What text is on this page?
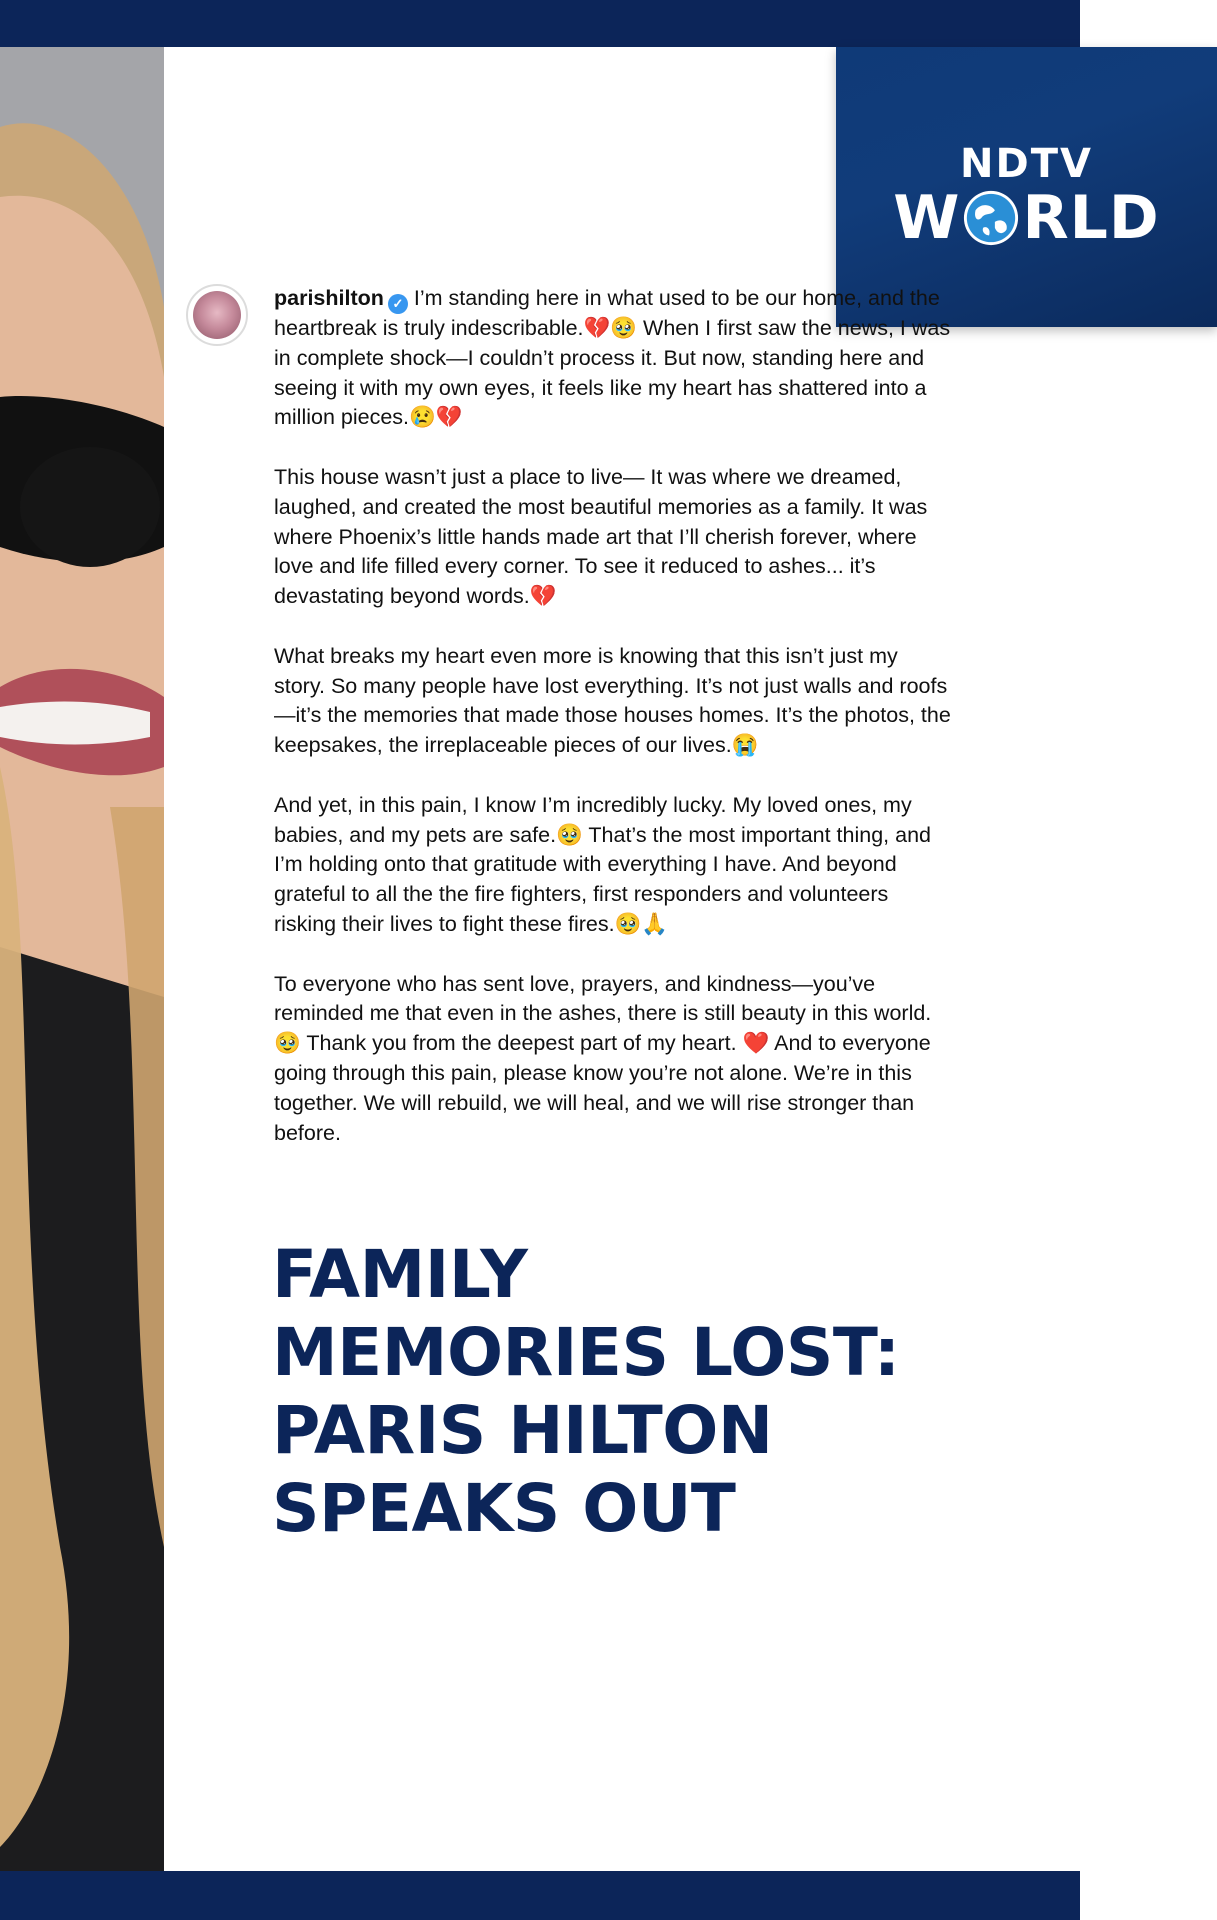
NDTV
W RLD

parishilton ✓ I’m standing here in what used to be our home, and the heartbreak is truly indescribable.💔🥹 When I first saw the news, I was in complete shock—I couldn’t process it. But now, standing here and seeing it with my own eyes, it feels like my heart has shattered into a million pieces.😢💔

This house wasn’t just a place to live— It was where we dreamed, laughed, and created the most beautiful memories as a family. It was where Phoenix’s little hands made art that I’ll cherish forever, where love and life filled every corner. To see it reduced to ashes... it’s devastating beyond words.💔

What breaks my heart even more is knowing that this isn’t just my story. So many people have lost everything. It’s not just walls and roofs—it’s the memories that made those houses homes. It’s the photos, the keepsakes, the irreplaceable pieces of our lives.😭

And yet, in this pain, I know I’m incredibly lucky. My loved ones, my babies, and my pets are safe.🥹 That’s the most important thing, and I’m holding onto that gratitude with everything I have. And beyond grateful to all the the fire fighters, first responders and volunteers risking their lives to fight these fires.🥹🙏

To everyone who has sent love, prayers, and kindness—you’ve reminded me that even in the ashes, there is still beauty in this world.🥹 Thank you from the deepest part of my heart. ❤️ And to everyone going through this pain, please know you’re not alone. We’re in this together. We will rebuild, we will heal, and we will rise stronger than before.

FAMILY
MEMORIES LOST:
PARIS HILTON
SPEAKS OUT
